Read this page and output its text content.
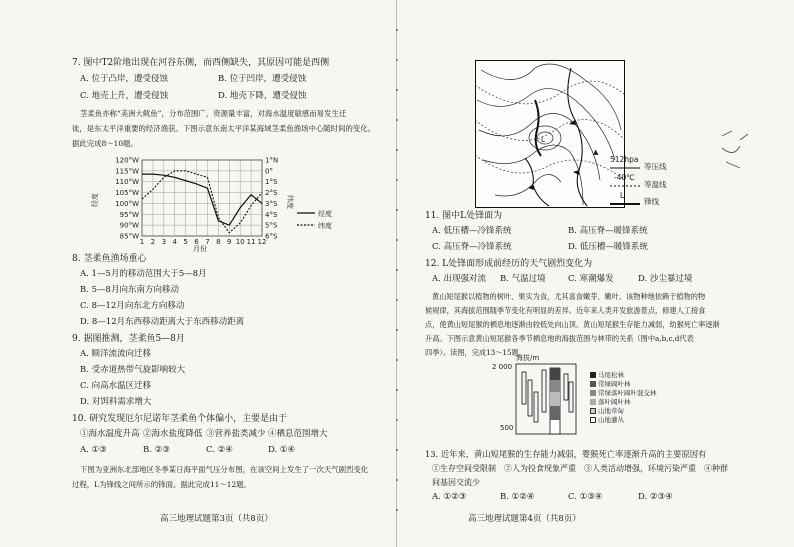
7. 图中T2阶地出现在河谷东侧，而西侧缺失，其原因可能是西侧
A. 位于凸岸，遭受侵蚀	B. 位于凹岸，遭受侵蚀
C. 地壳上升，遭受侵蚀	D. 地壳下降，遭受侵蚀
茎柔鱼亦称“美洲大鱿鱼”，分布范围广，资源量丰富，对海水温度敏感而易发生迁
徙，是东太平洋重要的经济渔获。下图示意东南太平洋某海域茎柔鱼渔场中心随时间的变化。
据此完成8～10题。
120°W
115°W
110°W
105°W
100°W
95°W
90°W
85°W
1°N
0°
1°S
2°S
3°S
4°S
5°S
6°S
1 2 3 4 5 6 7 8 9 10 11 12
经度	纬度
月份
经度
纬度
8. 茎柔鱼渔场重心
A. 1—5月的移动范围大于5—8月
B. 5—8月向东南方向移动
C. 8—12月向东北方向移动
D. 8—12月东西移动距离大于东西移动距离
9. 据图推测，茎柔鱼5—8月
A. 顺洋流流向迁移
B. 受赤道热带气旋影响较大
C. 向高水温区迁移
D. 对饵料需求增大
10. 研究发现厄尔尼诺年茎柔鱼个体偏小，主要是由于
①海水温度升高 ②海水盐度降低 ③营养盐类减少 ④栖息范围增大
A. ①③	B. ②③	C. ②④	D. ①④
下图为亚洲东北部地区冬季某日海平面气压分布图，在该空间上发生了一次天气剧烈变化
过程，L为锋线之间所示的锋面。据此完成11～12题。
高三地理试题第3页（共8页）
L
▲
512hpa
等压线
-40℃
等温线
L
锋线
11. 图中L处锋面为
A. 低压槽—冷锋系统	B. 高压脊—暖锋系统
C. 高压脊—冷锋系统	D. 低压槽—暖锋系统
12. L处锋面形成前经历的天气剧烈变化为
A. 出现强对流 B. 气温过境	C. 寒潮爆发	D. 沙尘暴过境
黄山短尾猴以植物的树叶、果实为食，尤其喜食嫩芽、嫩叶。该物种地依赖于植物的物
候规律，其海拔范围随季节变化有明显的差异。近年来人类开发旅游景点，修建人工接食
点，使黄山短尾猴的栖息地逐渐由较低处向山顶。黄山短尾猴生存能力减弱，幼猴死亡率逐渐
升高。下图示意黄山短尾猴各季节栖息地的海拔范围与林带的关系（图中a,b,c,d代表
四季）。读图，完成13～15题。
海拔/m
2 000
500
马尾松林
常绿阔叶林
常绿落叶阔叶混交林
落叶阔叶林
山地草甸
山地灌丛
13. 近年来，黄山短尾猴的生存能力减弱，婴猴死亡率逐渐升高的主要原因有
①生存空间受限制　②人为投食现象严重　③人类活动增强，环境污染严重　④种群
间基因交流少
A. ①②③	B. ①②④	C. ①③④	D. ②③④
高三地理试题第4页（共8页）
